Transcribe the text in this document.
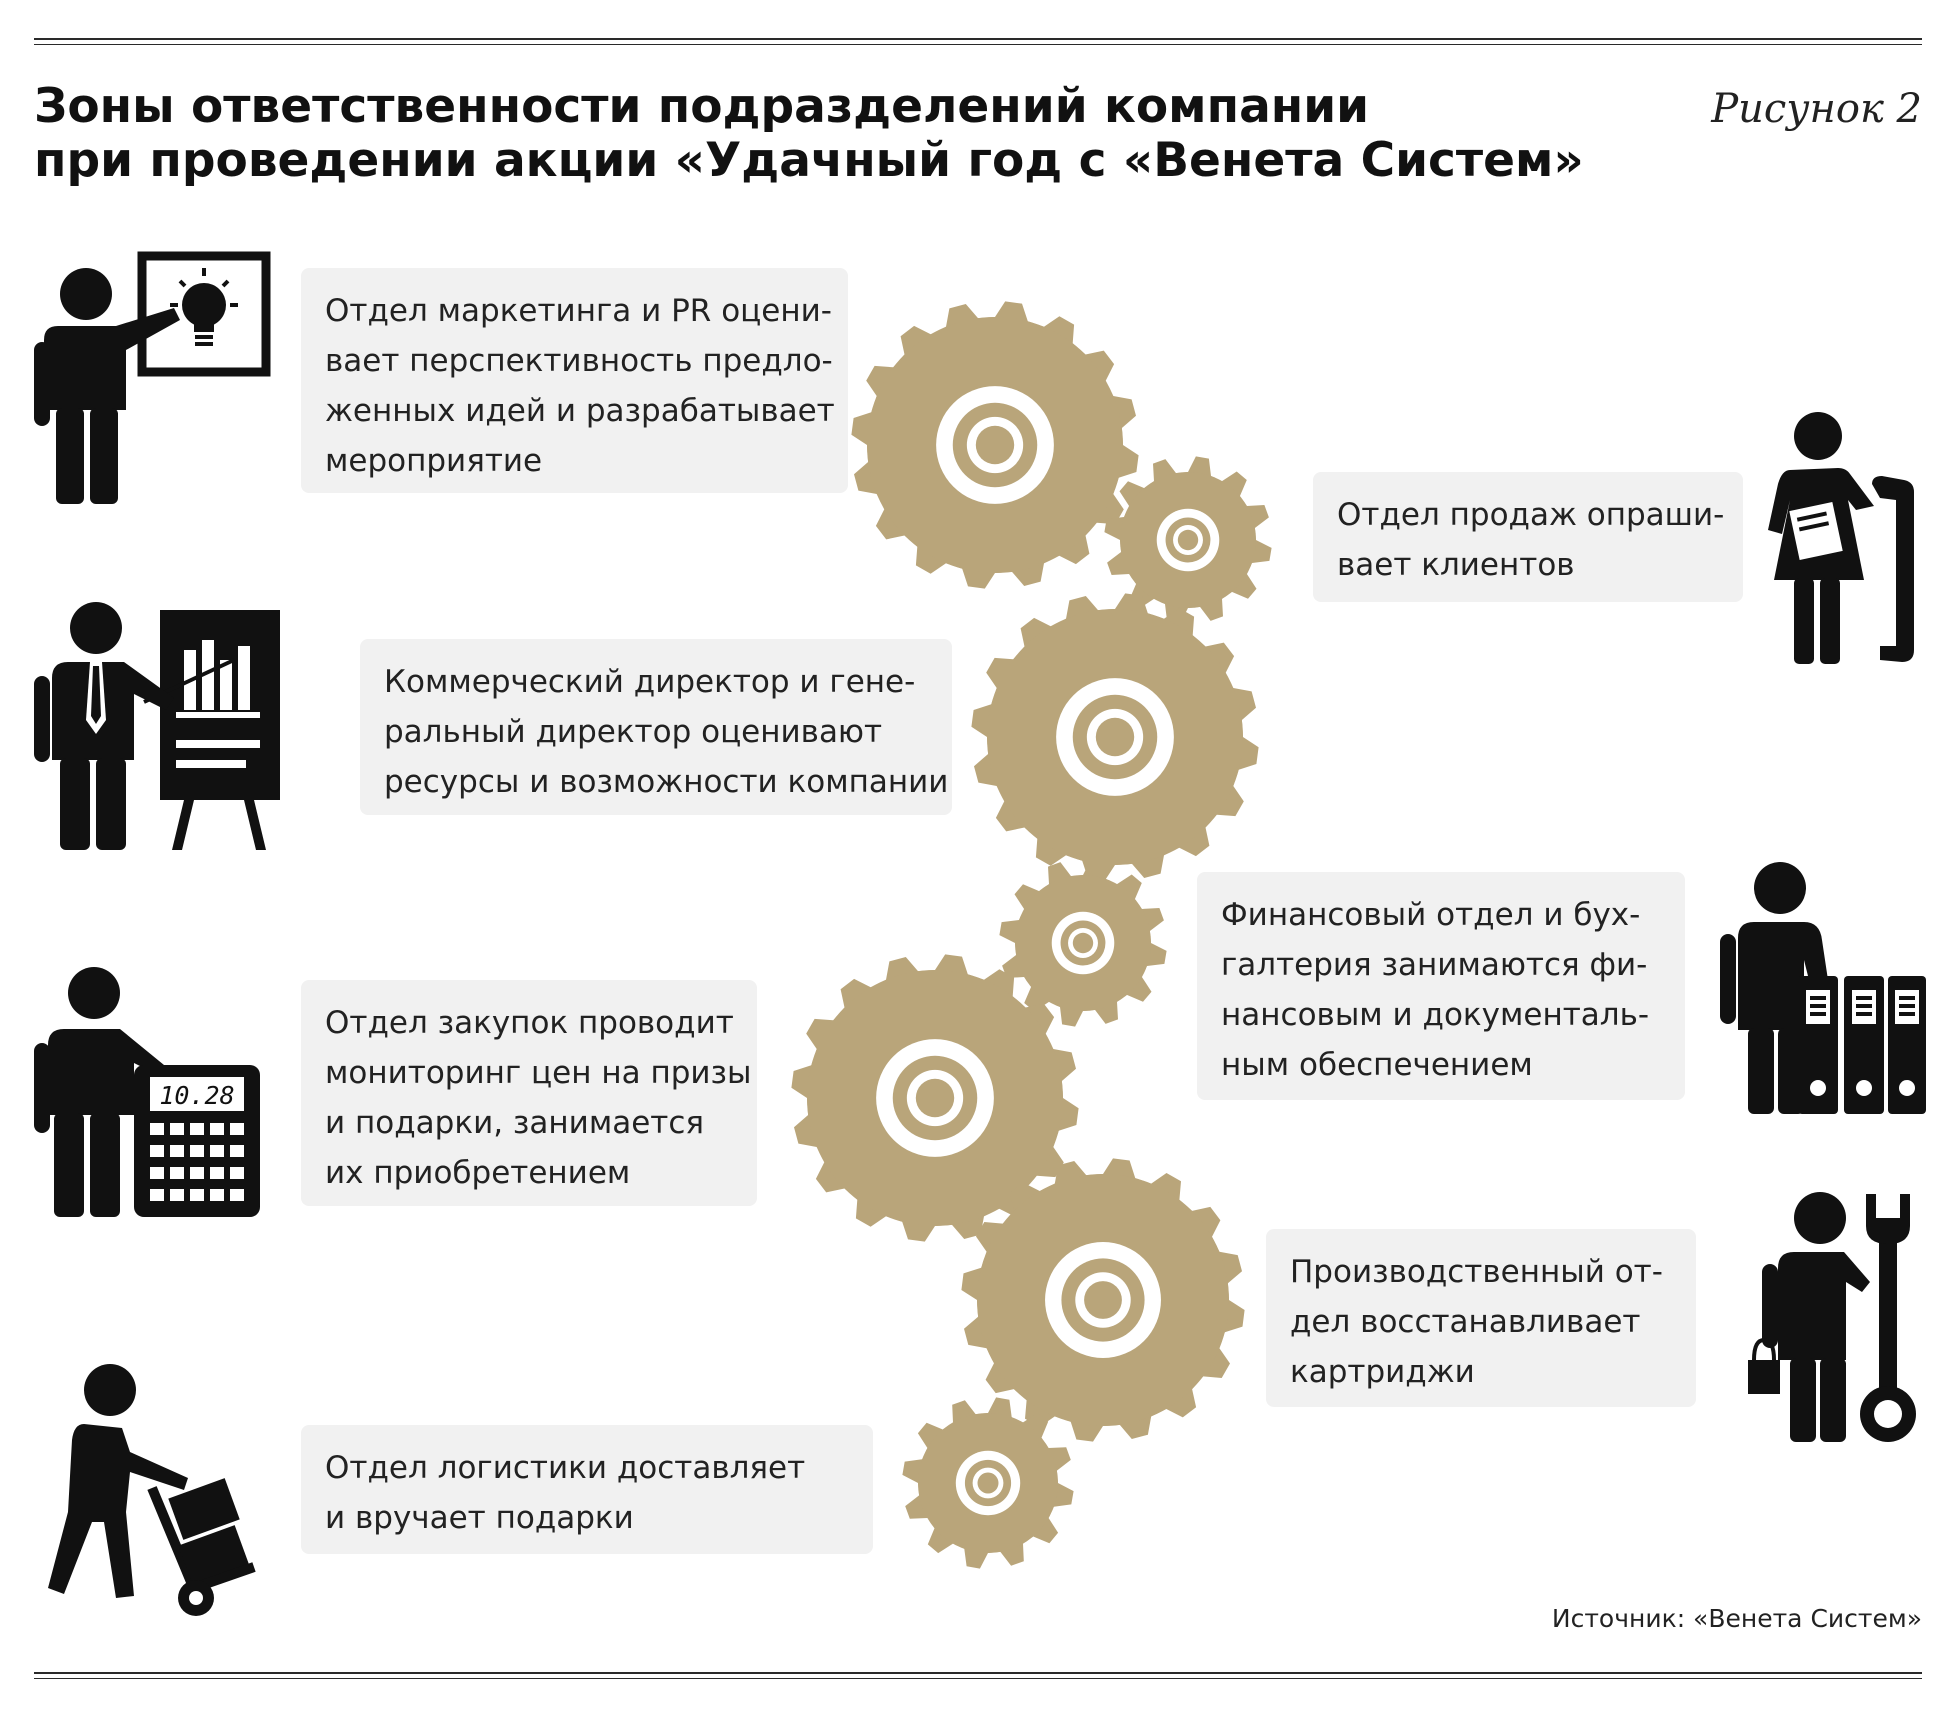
Зоны ответственности подразделений компании
при проведении акции «Удачный год с «Венета Систем»
Рисунок 2
Отдел маркетинга и PR оцени-
вает перспективность предло-
женных идей и разрабатывает
мероприятие
Отдел продаж опраши-
вает клиентов
Коммерческий директор и гене-
ральный директор оценивают
ресурсы и возможности компании
Финансовый отдел и бух-
галтерия занимаются фи-
нансовым и документаль-
ным обеспечением
Отдел закупок проводит
мониторинг цен на призы
и подарки, занимается
их приобретением
Производственный от-
дел восстанавливает
картриджи
Отдел логистики доставляет
и вручает подарки
10.28
Источник: «Венета Систем»
